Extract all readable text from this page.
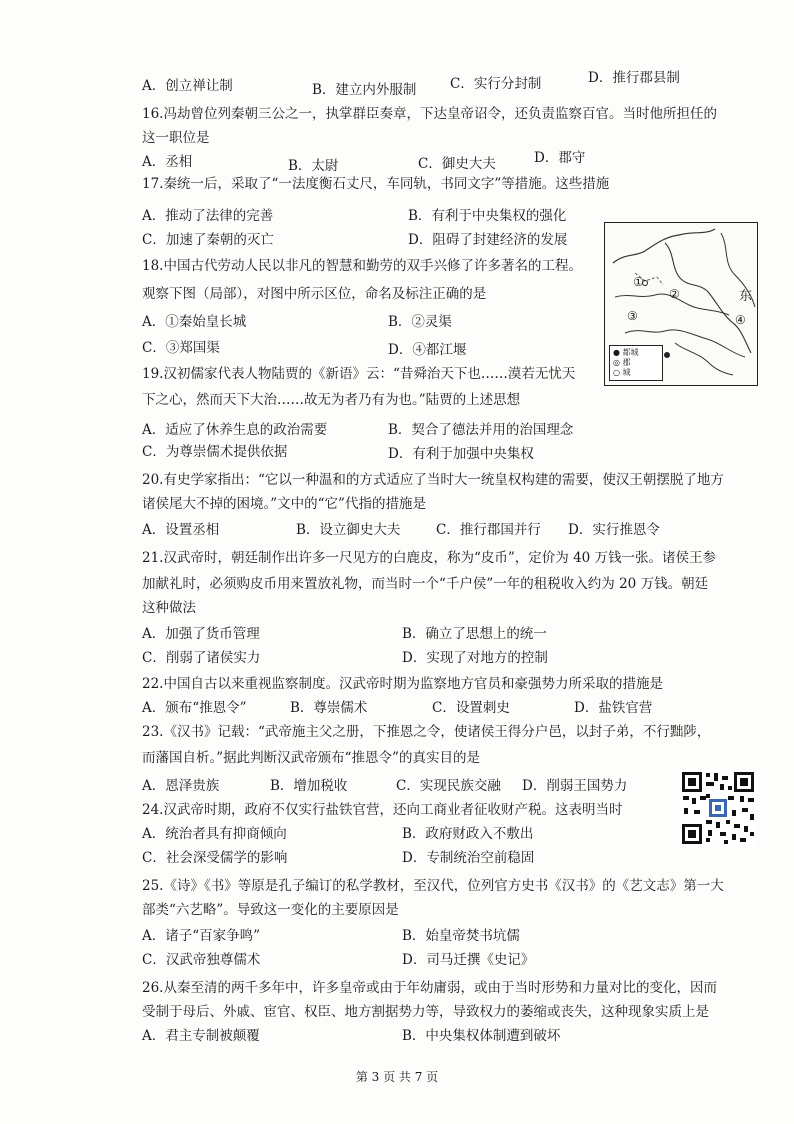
A．创立禅让制	B．建立内外服制 C．实行分封制	D．推行郡县制
16.冯劫曾位列秦朝三公之一，执掌群臣奏章，下达皇帝诏令，还负责监察百官。当时他所担任的
这一职位是
A．丞相	B．太尉	C．御史大夫	D．郡守
17.秦统一后，采取了“一法度衡石丈尺，车同轨，书同文字”等措施。这些措施
A．推动了法律的完善	B．有利于中央集权的强化
C．加速了秦朝的灭亡	D．阻碍了封建经济的发展
18.中国古代劳动人民以非凡的智慧和勤劳的双手兴修了许多著名的工程。
观察下图（局部），对图中所示区位，命名及标注正确的是
A．①秦始皇长城	B．②灵渠
C．③郑国渠	D．④都江堰
①
②
③	④
东
● 都城
◎ 郡
○ 城
19.汉初儒家代表人物陆贾的《新语》云：“昔舜治天下也……漠若无忧天
下之心，然而天下大治……故无为者乃有为也。”陆贾的上述思想
A．适应了休养生息的政治需要	B．契合了德法并用的治国理念
C．为尊崇儒术提供依据	D．有利于加强中央集权
20.有史学家指出：“它以一种温和的方式适应了当时大一统皇权构建的需要，使汉王朝摆脱了地方
诸侯尾大不掉的困境。”文中的“它”代指的措施是
A．设置丞相	B．设立御史大夫	C．推行郡国并行 D．实行推恩令
21.汉武帝时，朝廷制作出许多一尺见方的白鹿皮，称为“皮币”，定价为 40 万钱一张。诸侯王参
加献礼时，必须购皮币用来置放礼物，而当时一个“千户侯”一年的租税收入约为 20 万钱。朝廷
这种做法
A．加强了货币管理	B．确立了思想上的统一
C．削弱了诸侯实力	D．实现了对地方的控制
22.中国自古以来重视监察制度。汉武帝时期为监察地方官员和豪强势力所采取的措施是
A．颁布“推恩令”	B．尊崇儒术	C．设置刺史	D．盐铁官营
23.《汉书》记载：“武帝施主父之册，下推恩之令，使诸侯王得分户邑，以封子弟，不行黜陟，
而藩国自析。”据此判断汉武帝颁布“推恩令”的真实目的是
A．恩泽贵族	B．增加税收	C．实现民族交融 D．削弱王国势力
24.汉武帝时期，政府不仅实行盐铁官营，还向工商业者征收财产税。这表明当时
A．统治者具有抑商倾向	B．政府财政入不敷出
C．社会深受儒学的影响	D．专制统治空前稳固
25.《诗》《书》等原是孔子编订的私学教材，至汉代，位列官方史书《汉书》的《艺文志》第一大
部类“六艺略”。导致这一变化的主要原因是
A．诸子“百家争鸣”	B．始皇帝焚书坑儒
C．汉武帝独尊儒术	D．司马迁撰《史记》
26.从秦至清的两千多年中，许多皇帝或由于年幼庸弱，或由于当时形势和力量对比的变化，因而
受制于母后、外戚、宦官、权臣、地方割据势力等，导致权力的萎缩或丧失，这种现象实质上是
A．君主专制被颠覆	B．中央集权体制遭到破坏
第 3 页 共 7 页
